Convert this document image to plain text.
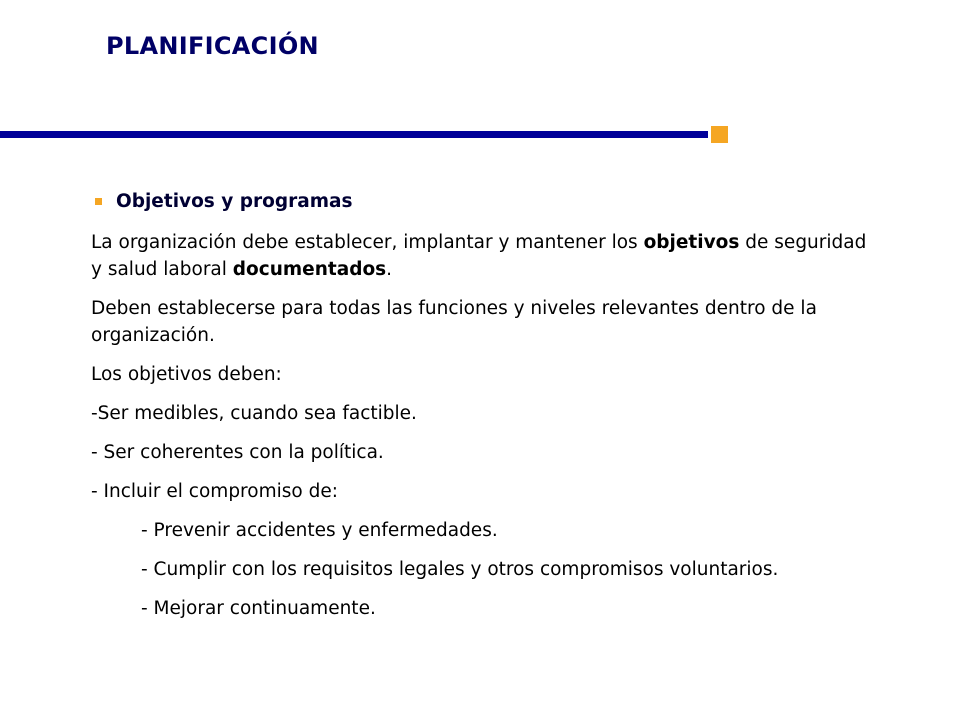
PLANIFICACIÓN
Objetivos y programas

La organización debe establecer, implantar y mantener los objetivos de seguridad y salud laboral documentados.

Deben establecerse para todas las funciones y niveles relevantes dentro de la organización.

Los objetivos deben:

-Ser medibles, cuando sea factible.

- Ser coherentes con la política.

- Incluir el compromiso de:

- Prevenir accidentes y enfermedades.

- Cumplir con los requisitos legales y otros compromisos voluntarios.

- Mejorar continuamente.
